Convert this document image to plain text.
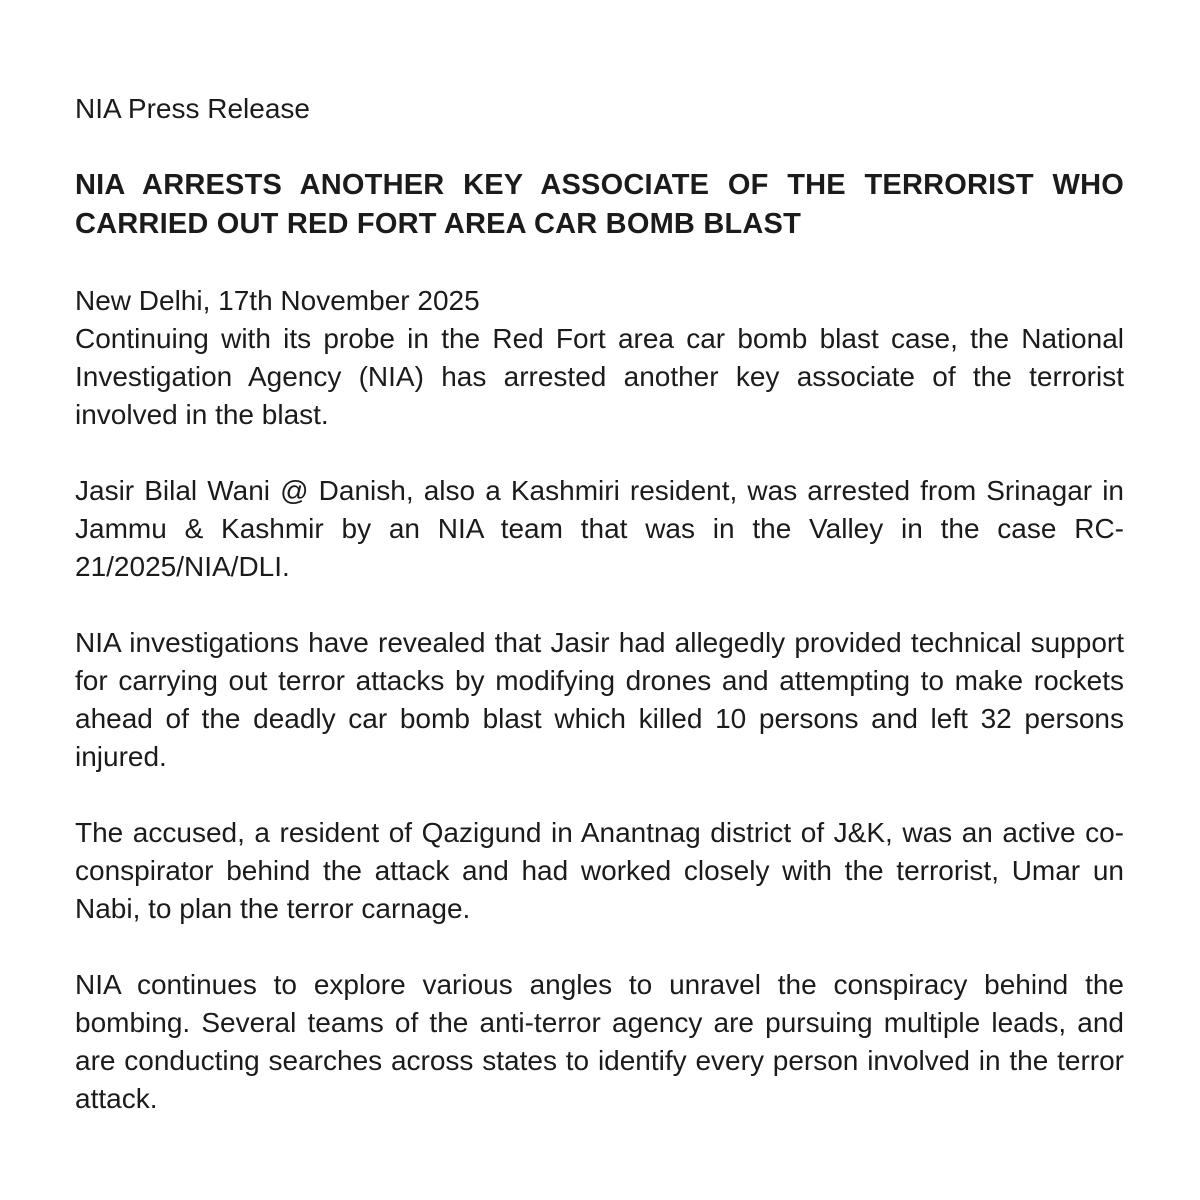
NIA Press Release

NIA ARRESTS ANOTHER KEY ASSOCIATE OF THE TERRORIST WHO CARRIED OUT RED FORT AREA CAR BOMB BLAST

New Delhi, 17th November 2025

Continuing with its probe in the Red Fort area car bomb blast case, the National Investigation Agency (NIA) has arrested another key associate of the terrorist involved in the blast.

Jasir Bilal Wani @ Danish, also a Kashmiri resident, was arrested from Srinagar in Jammu & Kashmir by an NIA team that was in the Valley in the case RC-21/2025/NIA/DLI.

NIA investigations have revealed that Jasir had allegedly provided technical support for carrying out terror attacks by modifying drones and attempting to make rockets ahead of the deadly car bomb blast which killed 10 persons and left 32 persons injured.

The accused, a resident of Qazigund in Anantnag district of J&K, was an active co-conspirator behind the attack and had worked closely with the terrorist, Umar un Nabi, to plan the terror carnage.

NIA continues to explore various angles to unravel the conspiracy behind the bombing. Several teams of the anti-terror agency are pursuing multiple leads, and are conducting searches across states to identify every person involved in the terror attack.
